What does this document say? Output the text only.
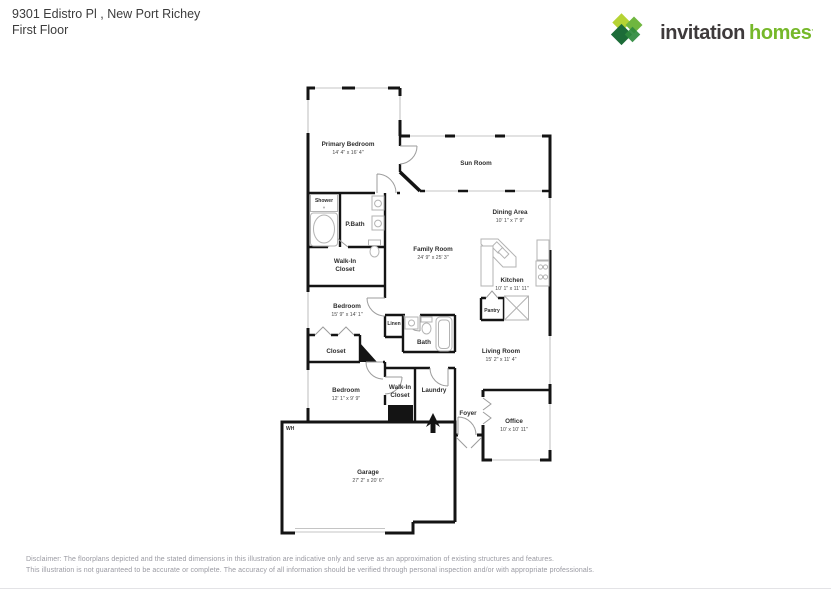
9301 Edistro Pl , New Port Richey
First Floor	invitation homes '
Primary Bedroom
14' 4" x 16' 4"
Sun Room
Shower
P.Bath
Walk-In
Closet
Family Room
24' 9" x 25' 3"
Dining Area
10' 1" x 7' 9"
Kitchen
10' 1" x 11' 11"
Pantry
Bedroom
15' 9" x 14' 1"
Linen
Bath
Closet	Living Room
15' 2" x 11' 4"
Bedroom
12' 1" x 9' 9"
Walk-In
Closet
Laundry
Foyer
Office
10' x 10' 11"
WH
Garage
27' 2" x 20' 6"
Disclaimer: The floorplans depicted and the stated dimensions in this illustration are indicative only and serve as an approximation of existing structures and features.
This illustration is not guaranteed to be accurate or complete. The accuracy of all information should be verified through personal inspection and/or with appropriate professionals.
